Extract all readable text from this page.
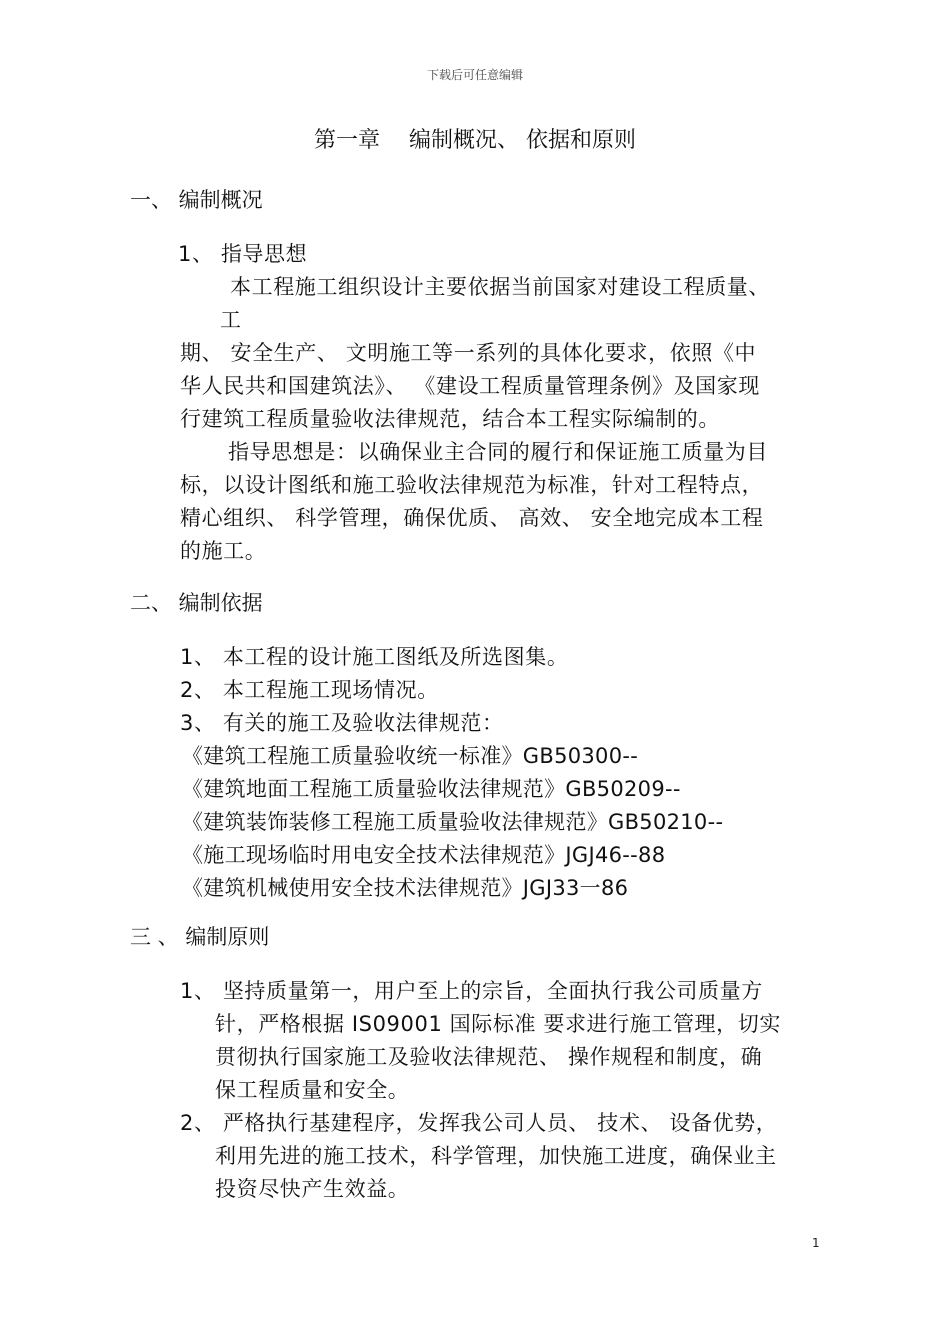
下载后可任意编辑
第一章　 编制概况、 依据和原则
一、 编制概况
1、 指导思想
本工程施工组织设计主要依据当前国家对建设工程质量、
工
期、 安全生产、 文明施工等一系列的具体化要求，依照《中
华人民共和国建筑法》、 《建设工程质量管理条例》及国家现
行建筑工程质量验收法律规范，结合本工程实际编制的。
指导思想是：以确保业主合同的履行和保证施工质量为目
标，以设计图纸和施工验收法律规范为标准，针对工程特点，
精心组织、 科学管理，确保优质、 高效、 安全地完成本工程
的施工。
二、 编制依据
1、 本工程的设计施工图纸及所选图集。
2、 本工程施工现场情况。
3、 有关的施工及验收法律规范：
《建筑工程施工质量验收统一标准》GB50300--
《建筑地面工程施工质量验收法律规范》GB50209--
《建筑装饰装修工程施工质量验收法律规范》GB50210--
《施工现场临时用电安全技术法律规范》JGJ46--88
《建筑机械使用安全技术法律规范》JGJ33一86
三 、 编制原则
1、 坚持质量第一，用户至上的宗旨，全面执行我公司质量方
针，严格根据 IS09001 国际标准 要求进行施工管理，切实
贯彻执行国家施工及验收法律规范、 操作规程和制度，确
保工程质量和安全。
2、 严格执行基建程序，发挥我公司人员、 技术、 设备优势，
利用先进的施工技术，科学管理，加快施工进度，确保业主
投资尽快产生效益。
1
